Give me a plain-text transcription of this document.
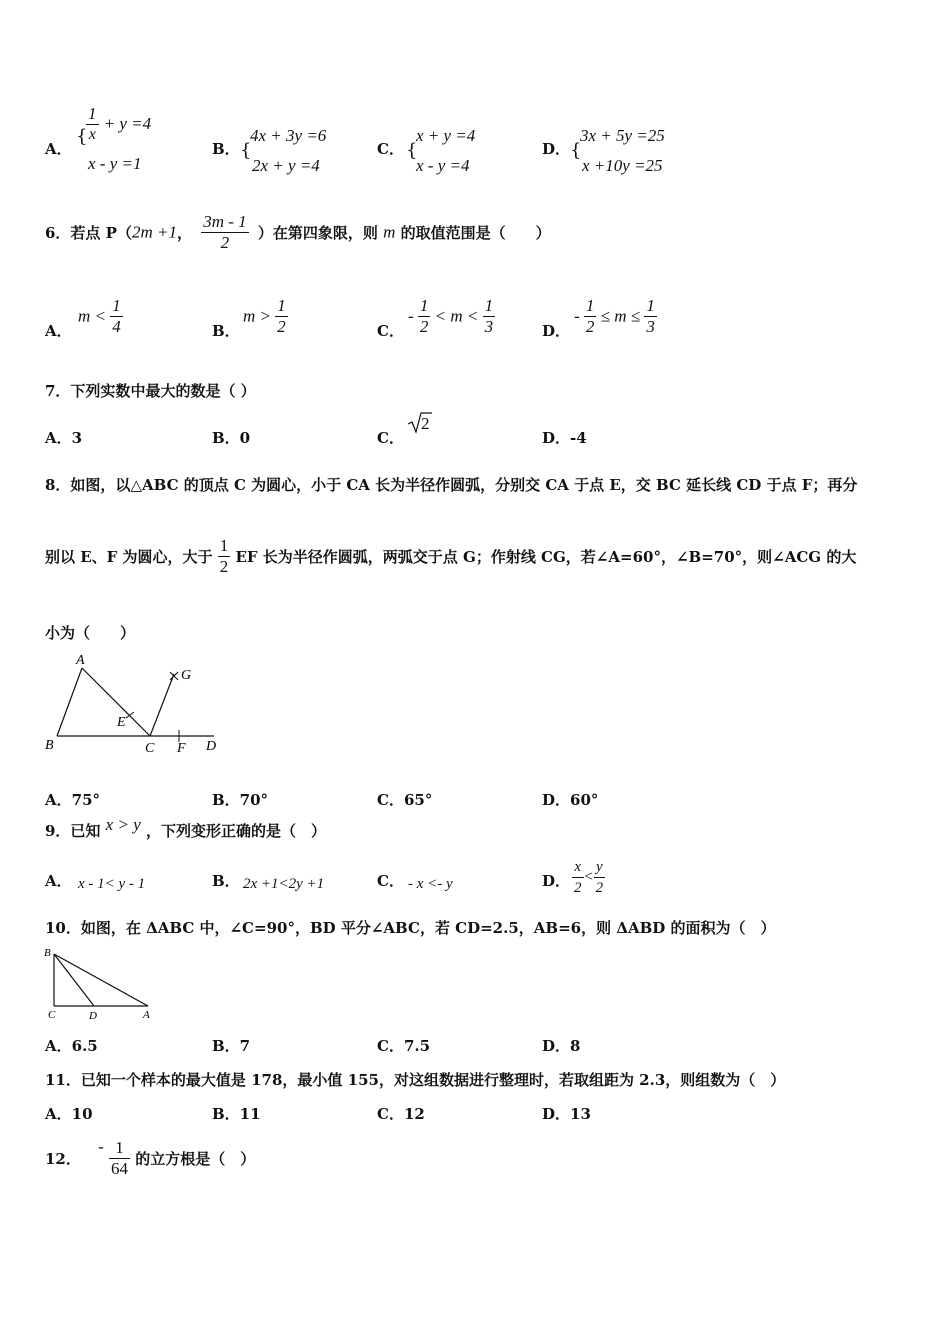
A．
{
$\frac{1}{x} + y =4$
x - y =1
B． {
4x + 3y =6
2x + y =4
C． {
x + y =4
x - y =4
D． {
3x + 5y =25
x +10y =25
6．若点 P（2m +1， $\frac{3m - 1}{2}$ ）在第四象限，则 m 的取值范围是（　　）
A．
$m < \frac{1}{4}$	B．
$m > \frac{1}{2}$	C．
- $\frac{1}{2} < m < \frac{1}{3}$	D．
- $\frac{1}{2} \le m \le \frac{1}{3}$
7．下列实数中最大的数是（ ）
A．3	B．0	C．
2
D．-4
8．如图，以△ABC 的顶点 C 为圆心，小于 CA 长为半径作圆弧，分别交 CA 于点 E，交 BC 延长线 CD 于点 F；再分
别以 E、F 为圆心，大于 $\frac{1}{2}$ EF 长为半径作圆弧，两弧交于点 G；作射线 CG，若∠A=60°，∠B=70°，则∠ACG 的大
小为（　　）
A
B	C	D
E
F
G
A．75°	B．70°	C．65°	D．60°
9．已知 x > y ，下列变形正确的是（　）
A． x - 1< y - 1	B． 2x +1<2y +1	C． - x <- y	D． $\frac{x}{2} < \frac{y}{2}$
10．如图，在 ΔABC 中，∠C=90°，BD 平分∠ABC，若 CD=2.5，AB=6，则 ΔABD 的面积为（　）
B
C	D	A
A．6.5	B．7	C．7.5	D．8
11．已知一个样本的最大值是 178，最小值 155，对这组数据进行整理时，若取组距为 2.3，则组数为（　）
A．10	B．11	C．12	D．13
12． - $\frac{1}{64}$ 的立方根是（　）
